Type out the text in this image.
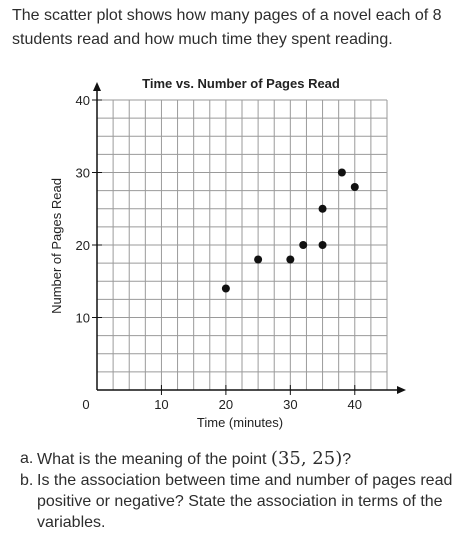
The scatter plot shows how many pages of a novel each of 8 students read and how much time they spent reading.
10	20	30	40
10
20
30
40
0
Time vs. Number of Pages Read
Time (minutes)
Number of Pages Read
a. What is the meaning of the point (35, 25)?
b. Is the association between time and number of pages read positive or negative? State the association in terms of the variables.
